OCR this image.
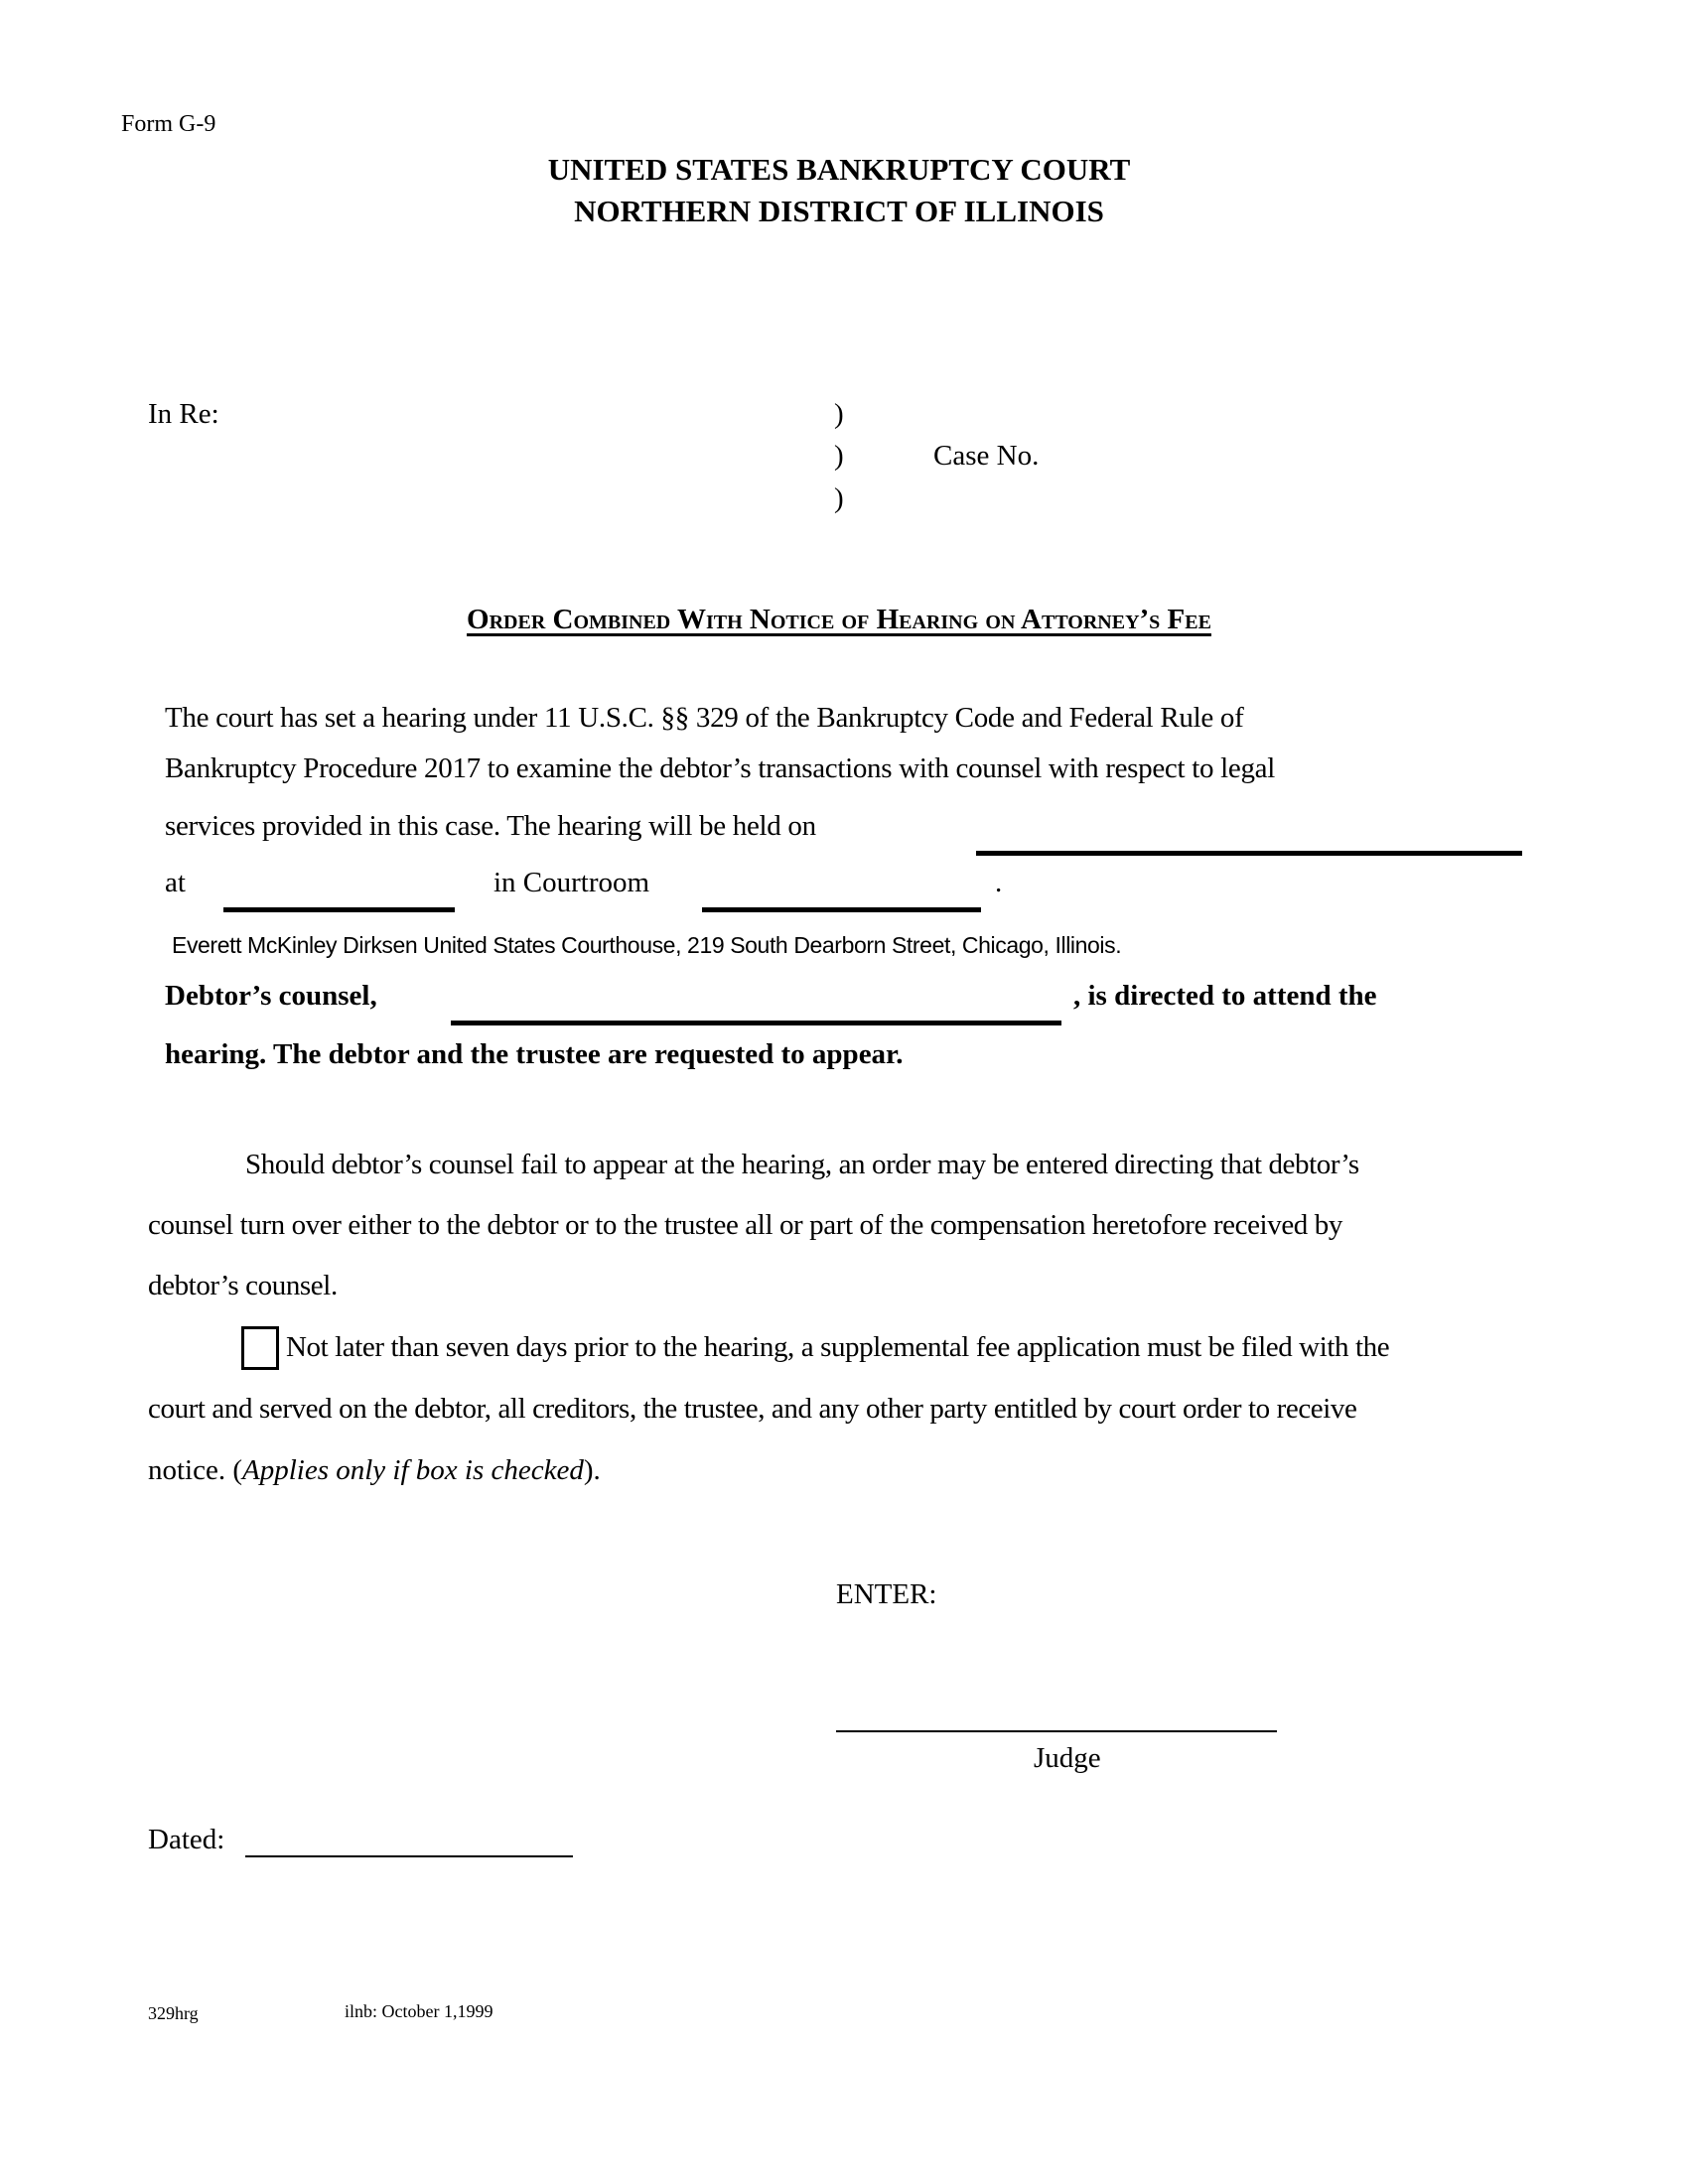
Form G-9
UNITED STATES BANKRUPTCY COURT
NORTHERN DISTRICT OF ILLINOIS
In Re:	)
)
)
Case No.
Order Combined With Notice of Hearing on Attorney’s Fee
The court has set a hearing under 11 U.S.C. §§ 329 of the Bankruptcy Code and Federal Rule of
Bankruptcy Procedure 2017 to examine the debtor’s transactions with counsel with respect to legal
services provided in this case. The hearing will be held on
at	in Courtroom	.
Everett McKinley Dirksen United States Courthouse, 219 South Dearborn Street, Chicago, Illinois.
Debtor’s counsel,	, is directed to attend the
hearing. The debtor and the trustee are requested to appear.
Should debtor’s counsel fail to appear at the hearing, an order may be entered directing that debtor’s
counsel turn over either to the debtor or to the trustee all or part of the compensation heretofore received by
debtor’s counsel.
Not later than seven days prior to the hearing, a supplemental fee application must be filed with the
court and served on the debtor, all creditors, the trustee, and any other party entitled by court order to receive
notice. (Applies only if box is checked).
ENTER:
Judge
Dated:
329hrg	ilnb: October 1,1999
